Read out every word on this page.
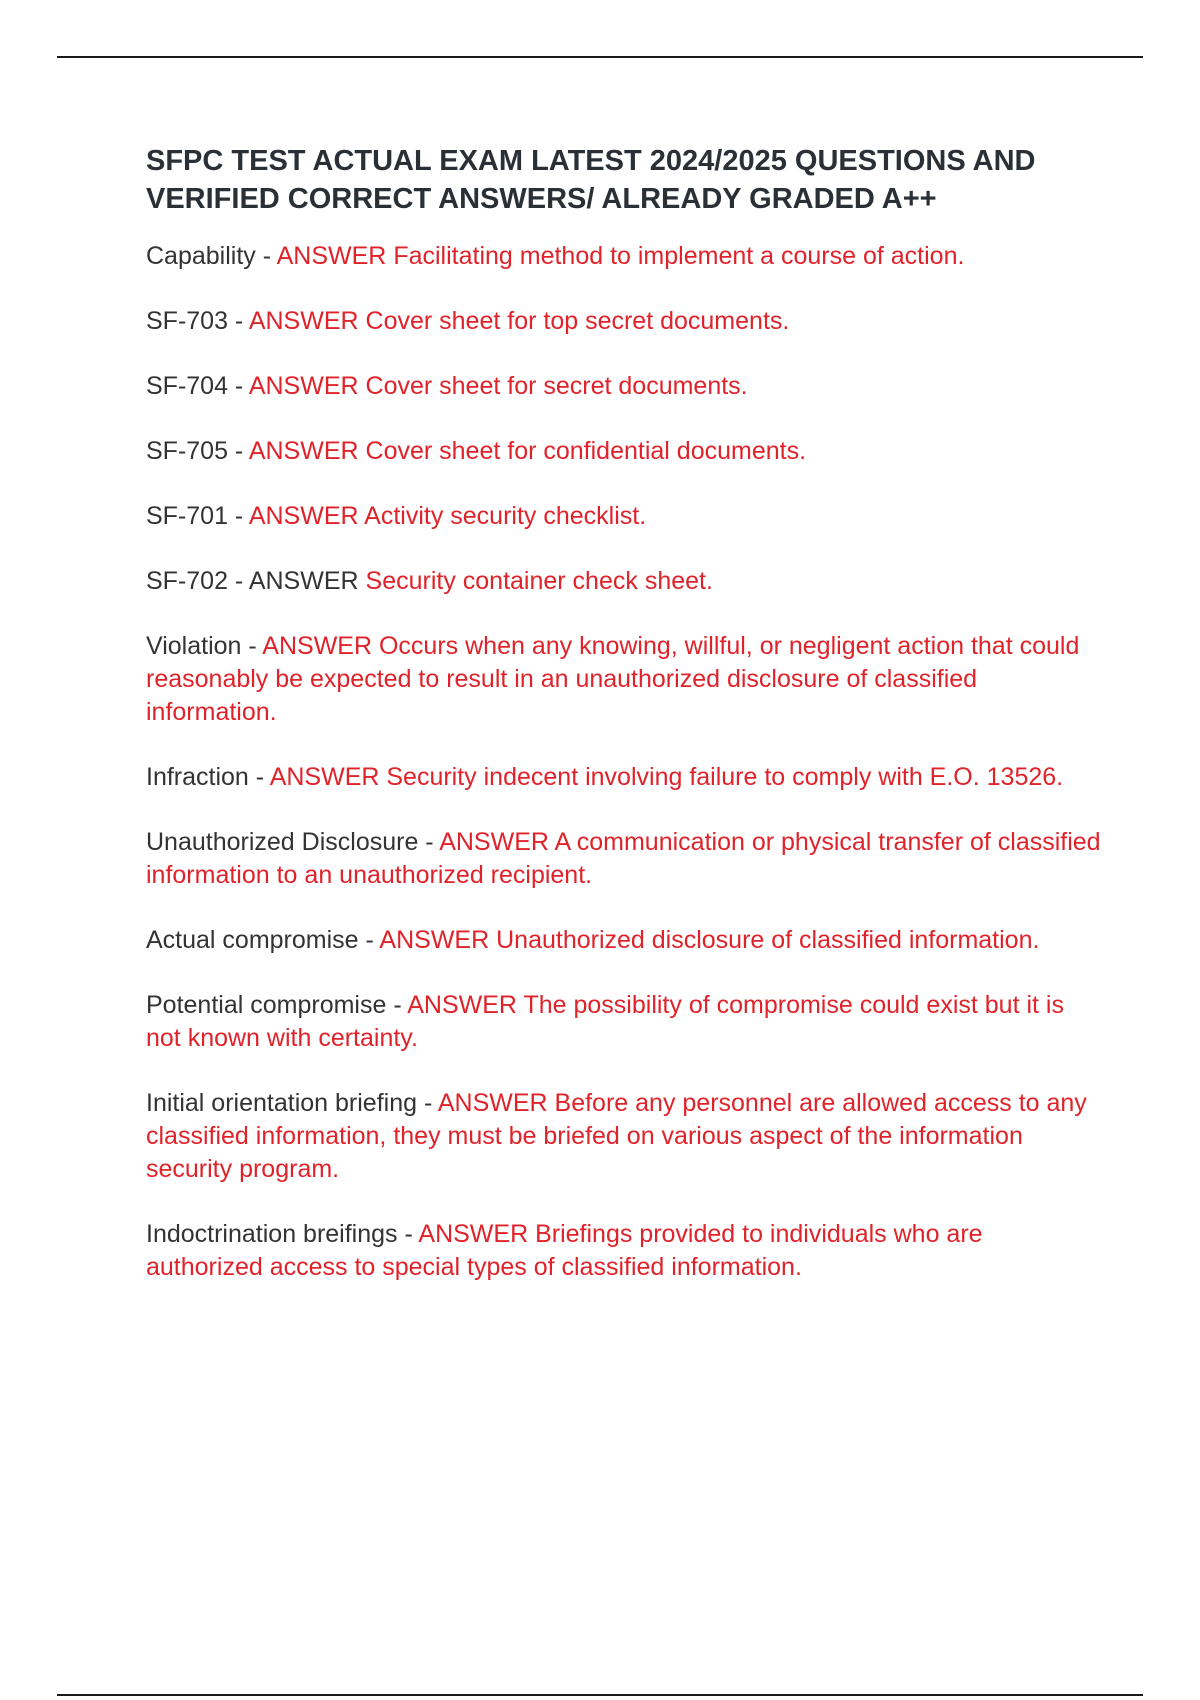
SFPC TEST ACTUAL EXAM LATEST 2024/2025 QUESTIONS AND VERIFIED CORRECT ANSWERS/ ALREADY GRADED A++

Capability - ANSWER Facilitating method to implement a course of action.

SF-703 - ANSWER Cover sheet for top secret documents.

SF-704 - ANSWER Cover sheet for secret documents.

SF-705 - ANSWER Cover sheet for confidential documents.

SF-701 - ANSWER Activity security checklist.

SF-702 - ANSWER Security container check sheet.

Violation - ANSWER Occurs when any knowing, willful, or negligent action that could reasonably be expected to result in an unauthorized disclosure of classified information.

Infraction - ANSWER Security indecent involving failure to comply with E.O. 13526.

Unauthorized Disclosure - ANSWER A communication or physical transfer of classified information to an unauthorized recipient.

Actual compromise - ANSWER Unauthorized disclosure of classified information.

Potential compromise - ANSWER The possibility of compromise could exist but it is not known with certainty.

Initial orientation briefing - ANSWER Before any personnel are allowed access to any classified information, they must be briefed on various aspect of the information security program.

Indoctrination breifings - ANSWER Briefings provided to individuals who are authorized access to special types of classified information.
